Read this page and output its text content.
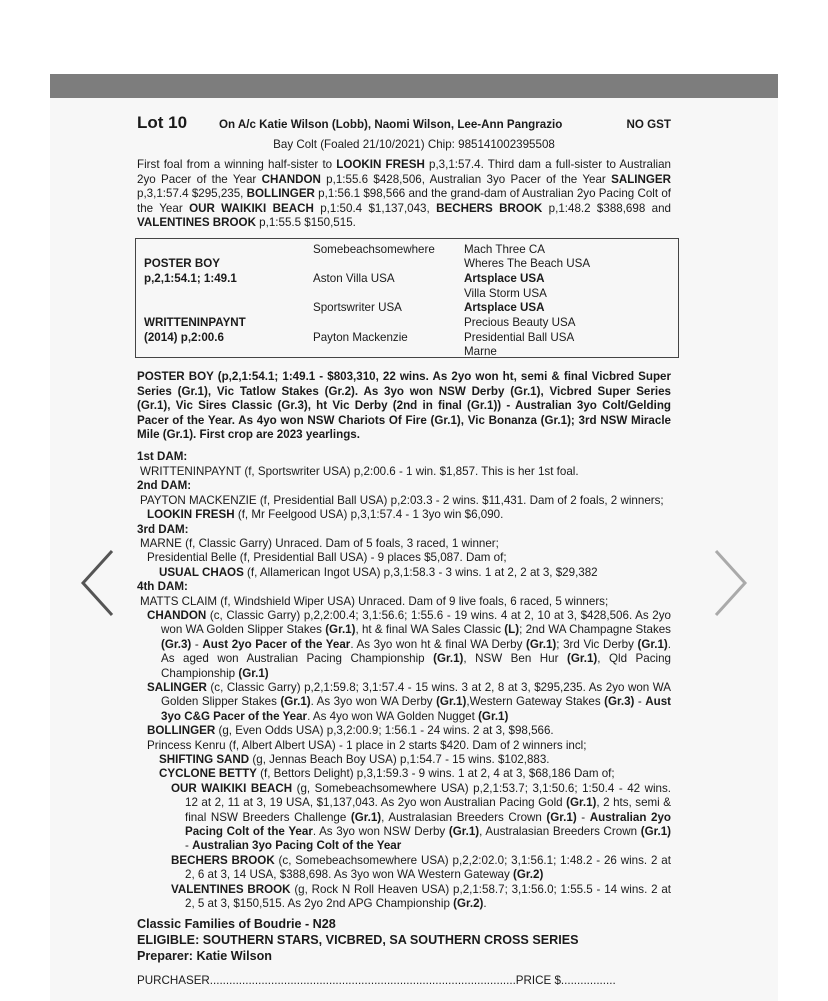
Lot 10	On A/c Katie Wilson (Lobb), Naomi Wilson, Lee-Ann Pangrazio	NO GST
Bay Colt (Foaled 21/10/2021) Chip: 985141002395508
First foal from a winning half-sister to LOOKIN FRESH p,3,1:57.4. Third dam a full-sister to Australian 2yo Pacer of the Year CHANDON p,1:55.6 $428,506, Australian 3yo Pacer of the Year SALINGER p,3,1:57.4 $295,235, BOLLINGER p,1:56.1 $98,566 and the grand-dam of Australian 2yo Pacing Colt of the Year OUR WAIKIKI BEACH p,1:50.4 $1,137,043, BECHERS BROOK p,1:48.2 $388,698 and VALENTINES BROOK p,1:55.5 $150,515.
POSTER BOY
p,2,1:54.1; 1:49.1
WRITTENINPAYNT
(2014) p,2:00.6
Somebeachsomewhere
Aston Villa USA
Sportswriter USA
Payton Mackenzie
Mach Three CA
Wheres The Beach USA
Artsplace USA
Villa Storm USA
Artsplace USA
Precious Beauty USA
Presidential Ball USA
Marne
POSTER BOY (p,2,1:54.1; 1:49.1 - $803,310, 22 wins. As 2yo won ht, semi & final Vicbred Super Series (Gr.1), Vic Tatlow Stakes (Gr.2). As 3yo won NSW Derby (Gr.1), Vicbred Super Series (Gr.1), Vic Sires Classic (Gr.3), ht Vic Derby (2nd in final (Gr.1)) - Australian 3yo Colt/Gelding Pacer of the Year. As 4yo won NSW Chariots Of Fire (Gr.1), Vic Bonanza (Gr.1); 3rd NSW Miracle Mile (Gr.1). First crop are 2023 yearlings.
1st DAM:
WRITTENINPAYNT (f, Sportswriter USA) p,2:00.6 - 1 win. $1,857. This is her 1st foal.
2nd DAM:
PAYTON MACKENZIE (f, Presidential Ball USA) p,2:03.3 - 2 wins. $11,431. Dam of 2 foals, 2 winners;
LOOKIN FRESH (f, Mr Feelgood USA) p,3,1:57.4 - 1 3yo win $6,090.
3rd DAM:
MARNE (f, Classic Garry) Unraced. Dam of 5 foals, 3 raced, 1 winner;
Presidential Belle (f, Presidential Ball USA) - 9 places $5,087. Dam of;
USUAL CHAOS (f, Allamerican Ingot USA) p,3,1:58.3 - 3 wins. 1 at 2, 2 at 3, $29,382
4th DAM:
MATTS CLAIM (f, Windshield Wiper USA) Unraced. Dam of 9 live foals, 6 raced, 5 winners;
CHANDON (c, Classic Garry) p,2,2:00.4; 3,1:56.6; 1:55.6 - 19 wins. 4 at 2, 10 at 3, $428,506. As 2yo won WA Golden Slipper Stakes (Gr.1), ht & final WA Sales Classic (L); 2nd WA Champagne Stakes (Gr.3) - Aust 2yo Pacer of the Year. As 3yo won ht & final WA Derby (Gr.1); 3rd Vic Derby (Gr.1). As aged won Australian Pacing Championship (Gr.1), NSW Ben Hur (Gr.1), Qld Pacing Championship (Gr.1)
SALINGER (c, Classic Garry) p,2,1:59.8; 3,1:57.4 - 15 wins. 3 at 2, 8 at 3, $295,235. As 2yo won WA Golden Slipper Stakes (Gr.1). As 3yo won WA Derby (Gr.1),Western Gateway Stakes (Gr.3) - Aust 3yo C&G Pacer of the Year. As 4yo won WA Golden Nugget (Gr.1)
BOLLINGER (g, Even Odds USA) p,3,2:00.9; 1:56.1 - 24 wins. 2 at 3, $98,566.
Princess Kenru (f, Albert Albert USA) - 1 place in 2 starts $420. Dam of 2 winners incl;
SHIFTING SAND (g, Jennas Beach Boy USA) p,1:54.7 - 15 wins. $102,883.
CYCLONE BETTY (f, Bettors Delight) p,3,1:59.3 - 9 wins. 1 at 2, 4 at 3, $68,186 Dam of;
OUR WAIKIKI BEACH (g, Somebeachsomewhere USA) p,2,1:53.7; 3,1:50.6; 1:50.4 - 42 wins. 12 at 2, 11 at 3, 19 USA, $1,137,043. As 2yo won Australian Pacing Gold (Gr.1), 2 hts, semi & final NSW Breeders Challenge (Gr.1), Australasian Breeders Crown (Gr.1) - Australian 2yo Pacing Colt of the Year. As 3yo won NSW Derby (Gr.1), Australasian Breeders Crown (Gr.1) - Australian 3yo Pacing Colt of the Year
BECHERS BROOK (c, Somebeachsomewhere USA) p,2,2:02.0; 3,1:56.1; 1:48.2 - 26 wins. 2 at 2, 6 at 3, 14 USA, $388,698. As 3yo won WA Western Gateway (Gr.2)
VALENTINES BROOK (g, Rock N Roll Heaven USA) p,2,1:58.7; 3,1:56.0; 1:55.5 - 14 wins. 2 at 2, 5 at 3, $150,515. As 2yo 2nd APG Championship (Gr.2).
Classic Families of Boudrie - N28
ELIGIBLE: SOUTHERN STARS, VICBRED, SA SOUTHERN CROSS SERIES
Preparer: Katie Wilson
PURCHASER...............................................................................................PRICE $.................
